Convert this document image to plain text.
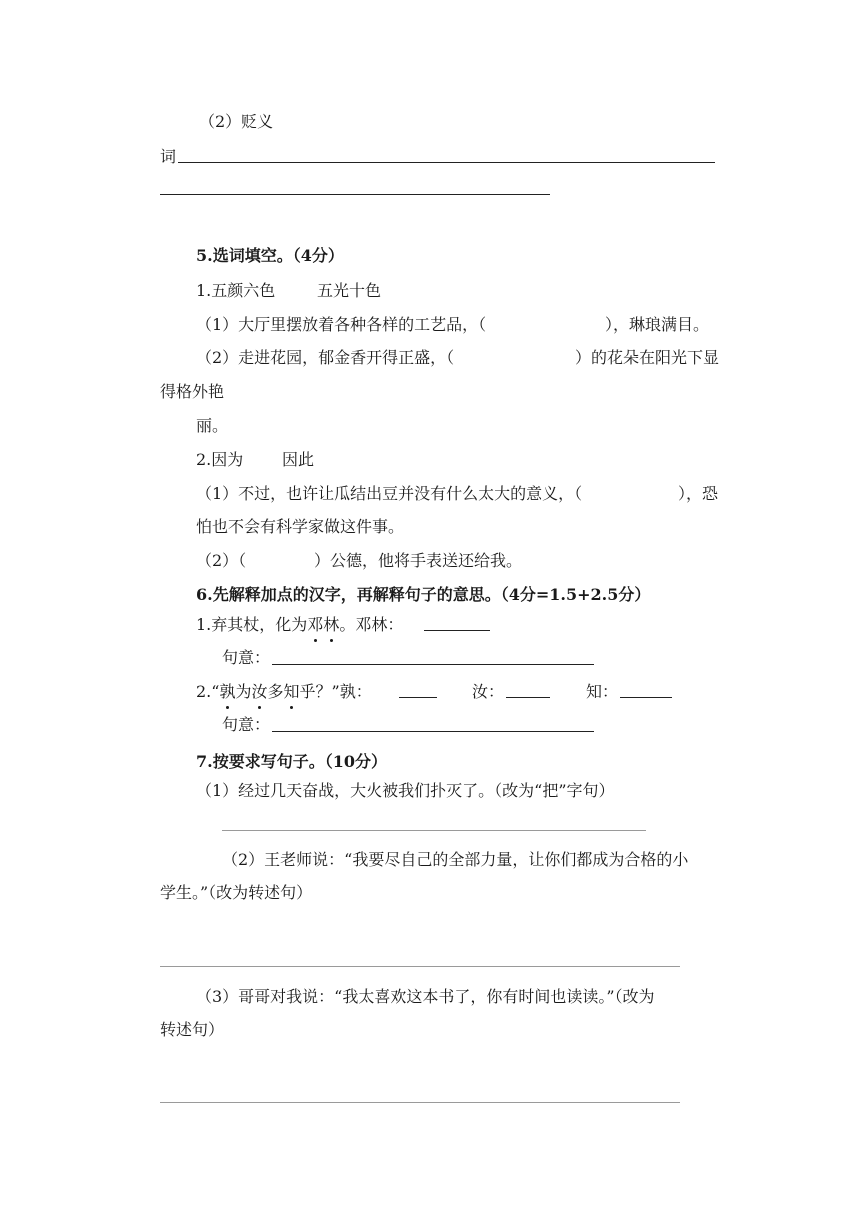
（2）贬义
词
5.选词填空。（4分）
1.五颜六色	五光十色
（1）大厅里摆放着各种各样的工艺品，（	），琳琅满目。
（2）走进花园，郁金香开得正盛，（	）的花朵在阳光下显
得格外艳
丽。
2.因为 因此
（1）不过，也许让瓜结出豆并没有什么太大的意义，（	），恐
怕也不会有科学家做这件事。
（2）（	）公德，他将手表送还给我。
6.先解释加点的汉字，再解释句子的意思。（4分=1.5+2.5分）
1.弃其杖，化为邓林。邓林：
句意：
2.“孰为汝多知乎？”孰：	汝：	知：
句意：
7.按要求写句子。（10分）
（1）经过几天奋战，大火被我们扑灭了。（改为“把”字句）
（2）王老师说：“我要尽自己的全部力量，让你们都成为合格的小
学生。”（改为转述句）
（3）哥哥对我说：“我太喜欢这本书了，你有时间也读读。”（改为
转述句）
